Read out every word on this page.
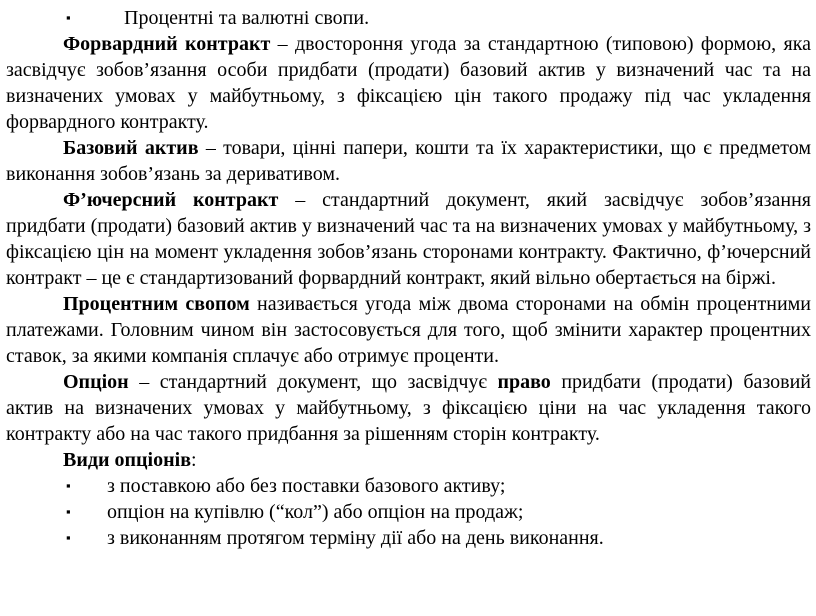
▪	Процентні та валютні свопи.

Форвардний контракт – двостороння угода за стандартною (типовою) формою, яка засвідчує зобов’язання особи придбати (продати) базовий актив у визначений час та на визначених умовах у майбутньому, з фіксацією цін такого продажу під час укладення форвардного контракту.

Базовий актив – товари, цінні папери, кошти та їх характеристики, що є предметом виконання зобов’язань за деривативом.

Ф’ючерсний контракт – стандартний документ, який засвідчує зобов’язання придбати (продати) базовий актив у визначений час та на визначених умовах у майбутньому, з фіксацією цін на момент укладення зобов’язань сторонами контракту. Фактично, ф’ючерсний контракт – це є стандартизований форвардний контракт, який вільно обертається на біржі.

Процентним свопом називається угода між двома сторонами на обмін процентними платежами. Головним чином він застосовується для того, щоб змінити характер процентних ставок, за якими компанія сплачує або отримує проценти.

Опціон – стандартний документ, що засвідчує право придбати (продати) базовий актив на визначених умовах у майбутньому, з фіксацією ціни на час укладення такого контракту або на час такого придбання за рішенням сторін контракту.

Види опціонів:

▪ з поставкою або без поставки базового активу;
▪ опціон на купівлю (“кол”) або опціон на продаж;
▪ з виконанням протягом терміну дії або на день виконання.
